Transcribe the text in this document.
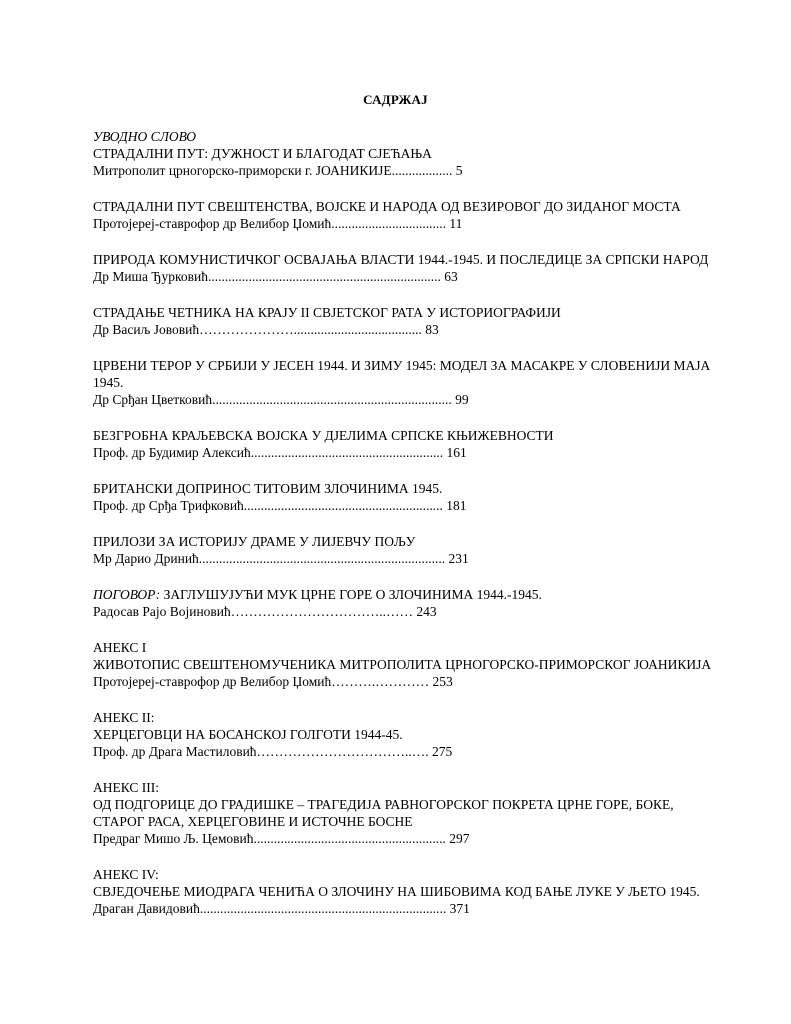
САДРЖАЈ
УВОДНО СЛОВО
СТРАДАЛНИ ПУТ: ДУЖНОСТ И БЛАГОДАТ СЈЕЋАЊА
Митрополит црногорско-приморски г. ЈОАНИКИЈЕ.................. 5
СТРАДАЛНИ ПУТ СВЕШТЕНСТВА, ВОЈСКЕ И НАРОДА ОД ВЕЗИРОВОГ ДО ЗИДАНОГ МОСТА
Протојереј-ставрофор др Велибор Џомић.................................. 11
ПРИРОДА КОМУНИСТИЧКОГ ОСВАЈАЊА ВЛАСТИ 1944.-1945. И ПОСЛЕДИЦЕ ЗА СРПСКИ НАРОД
Др Миша Ђурковић..................................................................... 63
СТРАДАЊЕ ЧЕТНИКА НА КРАЈУ II СВЈЕТСКОГ РАТА У ИСТОРИОГРАФИЈИ
Др Васиљ Јововић…………………...................................... 83
ЦРВЕНИ ТЕРОР У СРБИЈИ У ЈЕСЕН 1944. И ЗИМУ 1945: МОДЕЛ ЗА МАСАКРЕ У СЛОВЕНИЈИ МАЈА
1945.
Др Срђан Цветковић....................................................................... 99
БЕЗГРОБНА КРАЉЕВСКА ВОЈСКА У ДЈЕЛИМА СРПСКЕ КЊИЖЕВНОСТИ
Проф. др Будимир Алексић......................................................... 161
БРИТАНСКИ ДОПРИНОС ТИТОВИМ ЗЛОЧИНИМА 1945.
Проф. др Срђа Трифковић........................................................... 181
ПРИЛОЗИ ЗА ИСТОРИЈУ ДРАМЕ У ЛИЈЕВЧУ ПОЉУ
Мр Дарио Дринић......................................................................... 231
ПОГОВОР: ЗАГЛУШУЈУЋИ МУК ЦРНЕ ГОРЕ О ЗЛОЧИНИМА 1944.-1945.
Радосав Рајо Војиновић……………………………..…… 243
АНЕКС I
ЖИВОТОПИС СВЕШТЕНОМУЧЕНИКА МИТРОПОЛИТА ЦРНОГОРСКО-ПРИМОРСКОГ ЈОАНИКИЈА
Протојереј-ставрофор др Велибор Џомић……….………… 253
АНЕКС II:
ХЕРЦЕГОВЦИ НА БОСАНСКОЈ ГОЛГОТИ 1944-45.
Проф. др Драга Мастиловић……………………………..…. 275
АНЕКС III:
ОД ПОДГОРИЦЕ ДО ГРАДИШКЕ – ТРАГЕДИЈА РАВНОГОРСКОГ ПОКРЕТА ЦРНЕ ГОРЕ, БОКЕ,
СТАРОГ РАСА, ХЕРЦЕГОВИНЕ И ИСТОЧНЕ БОСНЕ
Предраг Мишо Љ. Цемовић......................................................... 297
АНЕКС IV:
СВЈЕДОЧЕЊЕ МИОДРАГА ЧЕНИЋА О ЗЛОЧИНУ НА ШИБОВИМА КОД БАЊЕ ЛУКЕ У ЉЕТО 1945.
Драган Давидовић......................................................................... 371
